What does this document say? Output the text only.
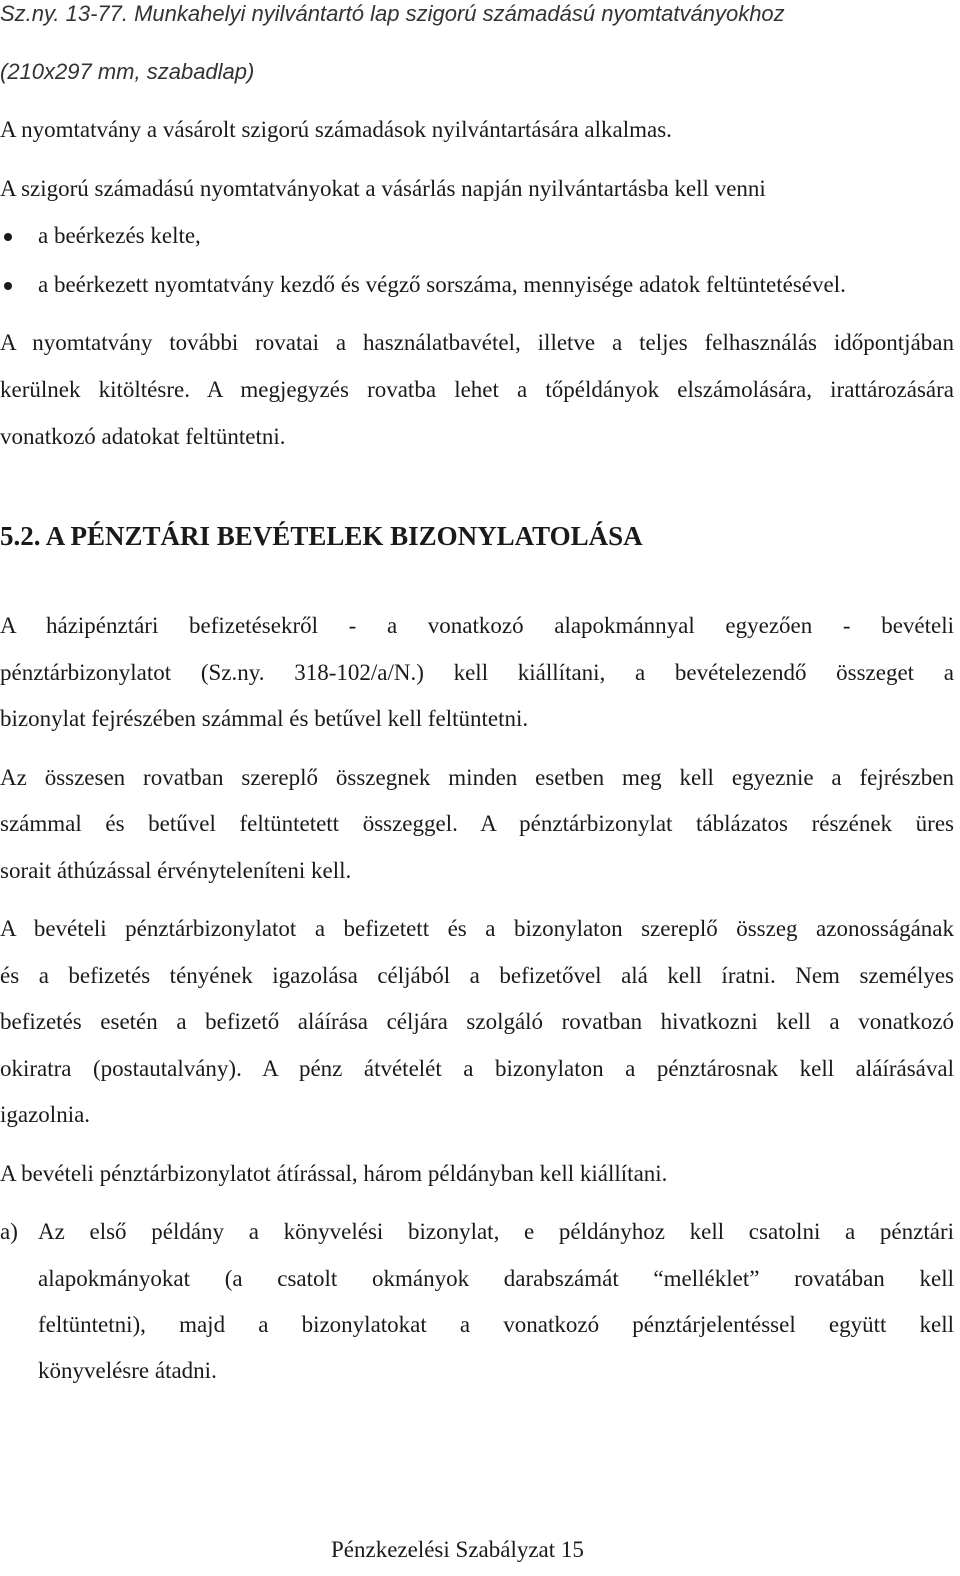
Sz.ny. 13-77. Munkahelyi nyilvántartó lap szigorú számadású nyomtatványokhoz
(210x297 mm, szabadlap)
A nyomtatvány a vásárolt szigorú számadások nyilvántartására alkalmas.
A szigorú számadású nyomtatványokat a vásárlás napján nyilvántartásba kell venni
a beérkezés kelte,
a beérkezett nyomtatvány kezdő és végző sorszáma, mennyisége adatok feltüntetésével.
A nyomtatvány további rovatai a használatbavétel, illetve a teljes felhasználás időpontjában
kerülnek kitöltésre. A megjegyzés rovatba lehet a tőpéldányok elszámolására, irattározására
vonatkozó adatokat feltüntetni.
5.2. A PÉNZTÁRI BEVÉTELEK BIZONYLATOLÁSA
A házipénztári befizetésekről - a vonatkozó alapokmánnyal egyezően - bevételi
pénztárbizonylatot (Sz.ny. 318-102/a/N.) kell kiállítani, a bevételezendő összeget a
bizonylat fejrészében számmal és betűvel kell feltüntetni.
Az összesen rovatban szereplő összegnek minden esetben meg kell egyeznie a fejrészben
számmal és betűvel feltüntetett összeggel. A pénztárbizonylat táblázatos részének üres
sorait áthúzással érvényteleníteni kell.
A bevételi pénztárbizonylatot a befizetett és a bizonylaton szereplő összeg azonosságának
és a befizetés tényének igazolása céljából a befizetővel alá kell íratni. Nem személyes
befizetés esetén a befizető aláírása céljára szolgáló rovatban hivatkozni kell a vonatkozó
okiratra (postautalvány). A pénz átvételét a bizonylaton a pénztárosnak kell aláírásával
igazolnia.
A bevételi pénztárbizonylatot átírással, három példányban kell kiállítani.
a) Az első példány a könyvelési bizonylat, e példányhoz kell csatolni a pénztári
alapokmányokat (a csatolt okmányok darabszámát “melléklet” rovatában kell
feltüntetni), majd a bizonylatokat a vonatkozó pénztárjelentéssel együtt kell
könyvelésre átadni.
Pénzkezelési Szabályzat 15
